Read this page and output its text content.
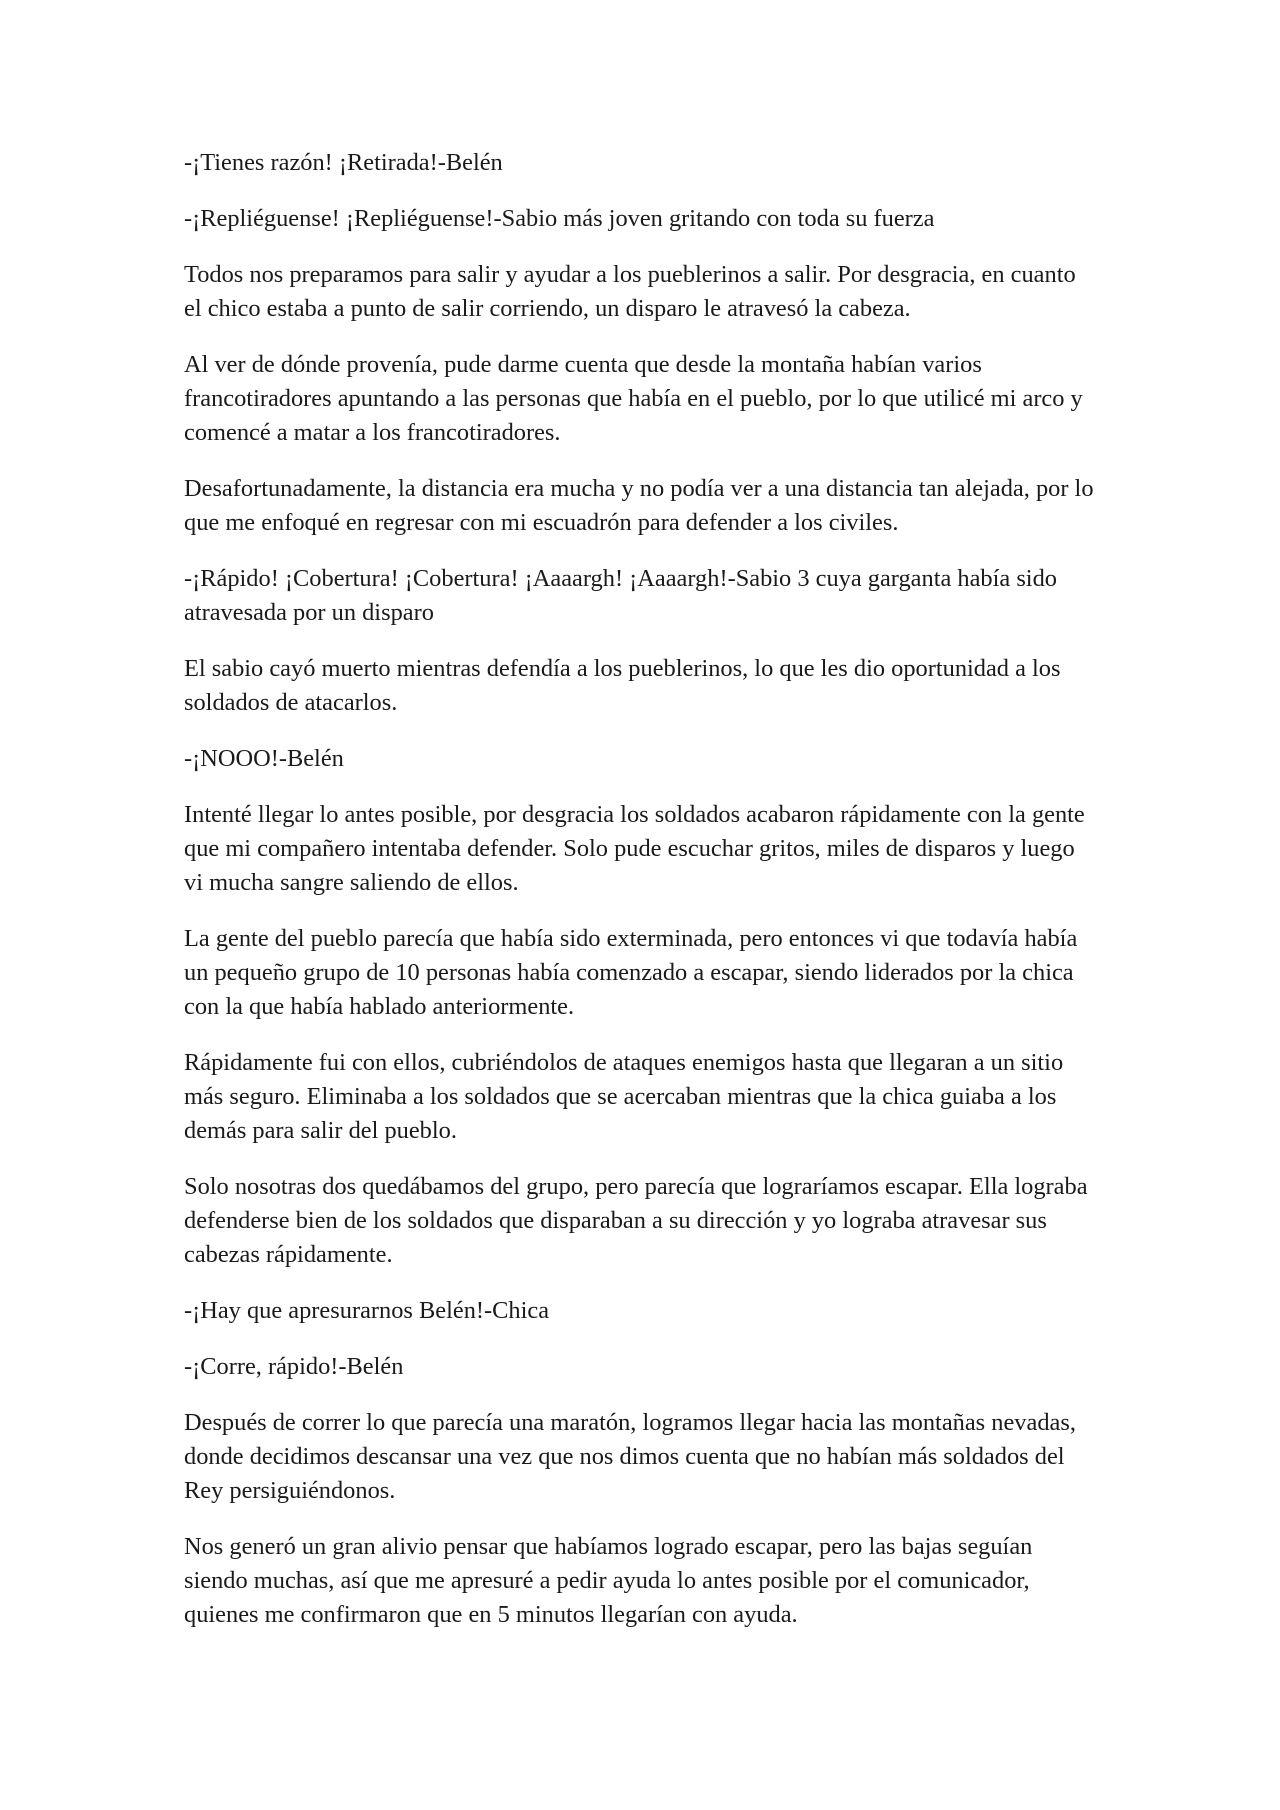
-¡Tienes razón! ¡Retirada!-Belén

-¡Repliéguense! ¡Repliéguense!-Sabio más joven gritando con toda su fuerza

Todos nos preparamos para salir y ayudar a los pueblerinos a salir. Por desgracia, en cuanto el chico estaba a punto de salir corriendo, un disparo le atravesó la cabeza.

Al ver de dónde provenía, pude darme cuenta que desde la montaña habían varios francotiradores apuntando a las personas que había en el pueblo, por lo que utilicé mi arco y comencé a matar a los francotiradores.

Desafortunadamente, la distancia era mucha y no podía ver a una distancia tan alejada, por lo que me enfoqué en regresar con mi escuadrón para defender a los civiles.

-¡Rápido! ¡Cobertura! ¡Cobertura! ¡Aaaargh! ¡Aaaargh!-Sabio 3 cuya garganta había sido atravesada por un disparo

El sabio cayó muerto mientras defendía a los pueblerinos, lo que les dio oportunidad a los soldados de atacarlos.

-¡NOOO!-Belén

Intenté llegar lo antes posible, por desgracia los soldados acabaron rápidamente con la gente que mi compañero intentaba defender. Solo pude escuchar gritos, miles de disparos y luego vi mucha sangre saliendo de ellos.

La gente del pueblo parecía que había sido exterminada, pero entonces vi que todavía había un pequeño grupo de 10 personas había comenzado a escapar, siendo liderados por la chica con la que había hablado anteriormente.

Rápidamente fui con ellos, cubriéndolos de ataques enemigos hasta que llegaran a un sitio más seguro. Eliminaba a los soldados que se acercaban mientras que la chica guiaba a los demás para salir del pueblo.

Solo nosotras dos quedábamos del grupo, pero parecía que lograríamos escapar. Ella lograba defenderse bien de los soldados que disparaban a su dirección y yo lograba atravesar sus cabezas rápidamente.

-¡Hay que apresurarnos Belén!-Chica

-¡Corre, rápido!-Belén

Después de correr lo que parecía una maratón, logramos llegar hacia las montañas nevadas, donde decidimos descansar una vez que nos dimos cuenta que no habían más soldados del Rey persiguiéndonos.

Nos generó un gran alivio pensar que habíamos logrado escapar, pero las bajas seguían siendo muchas, así que me apresuré a pedir ayuda lo antes posible por el comunicador, quienes me confirmaron que en 5 minutos llegarían con ayuda.
